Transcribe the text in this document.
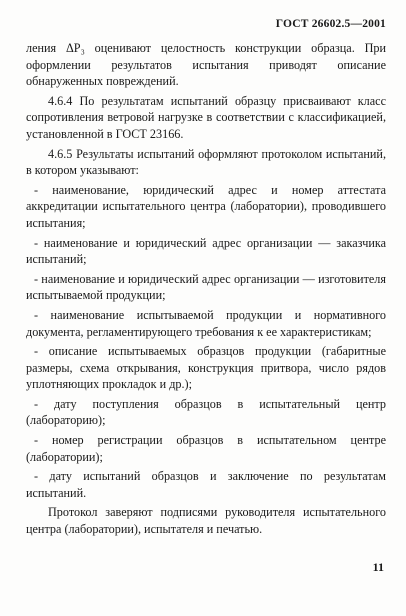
ГОСТ 26602.5—2001

ления ΔP₃ оценивают целостность конструкции образца. При оформлении результатов испытания приводят описание обнаруженных повреждений.

4.6.4 По результатам испытаний образцу присваивают класс сопротивления ветровой нагрузке в соответствии с классификацией, установленной в ГОСТ 23166.

4.6.5 Результаты испытаний оформляют протоколом испытаний, в котором указывают:

- наименование, юридический адрес и номер аттестата аккредитации испытательного центра (лаборатории), проводившего испытания;

- наименование и юридический адрес организации — заказчика испытаний;

- наименование и юридический адрес организации — изготовителя испытываемой продукции;

- наименование испытываемой продукции и нормативного документа, регламентирующего требования к ее характеристикам;

- описание испытываемых образцов продукции (габаритные размеры, схема открывания, конструкция притвора, число рядов уплотняющих прокладок и др.);

- дату поступления образцов в испытательный центр (лабораторию);

- номер регистрации образцов в испытательном центре (лаборатории);

- дату испытаний образцов и заключение по результатам испытаний.

Протокол заверяют подписями руководителя испытательного центра (лаборатории), испытателя и печатью.

11
